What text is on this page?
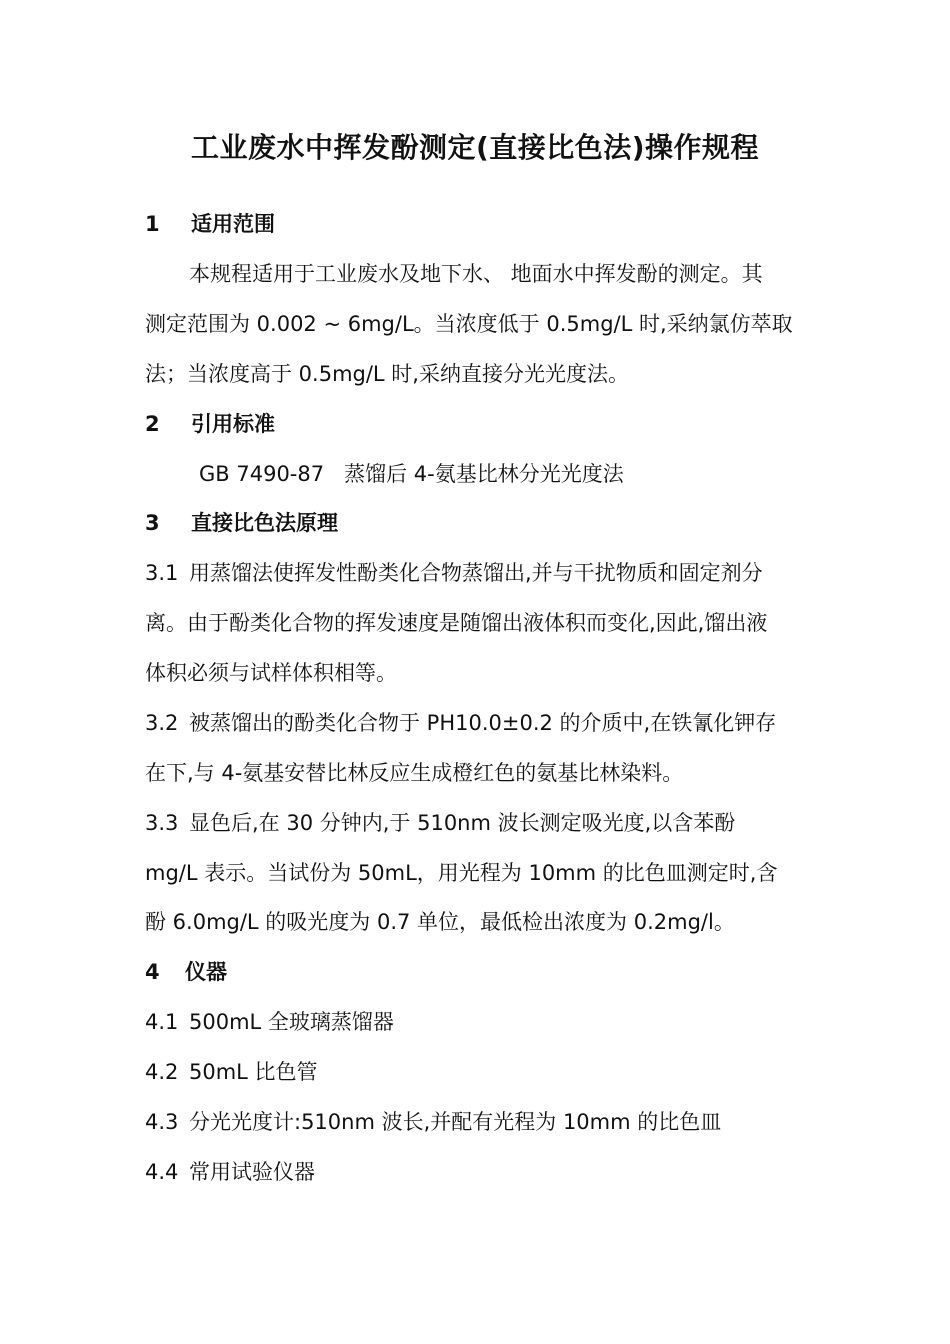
工业废水中挥发酚测定(直接比色法)操作规程
1 适用范围
本规程适用于工业废水及地下水、 地面水中挥发酚的测定。其
测定范围为 0.002 ~ 6mg/L。当浓度低于 0.5mg/L 时,采纳氯仿萃取
法；当浓度高于 0.5mg/L 时,采纳直接分光光度法。
2 引用标准
GB 7490-87   蒸馏后 4-氨基比林分光光度法
3 直接比色法原理
3.1 用蒸馏法使挥发性酚类化合物蒸馏出,并与干扰物质和固定剂分
离。由于酚类化合物的挥发速度是随馏出液体积而变化,因此,馏出液
体积必须与试样体积相等。
3.2 被蒸馏出的酚类化合物于 PH10.0±0.2 的介质中,在铁氰化钾存
在下,与 4-氨基安替比林反应生成橙红色的氨基比林染料。
3.3 显色后,在 30 分钟内,于 510nm 波长测定吸光度,以含苯酚
mg/L 表示。当试份为 50mL，用光程为 10mm 的比色皿测定时,含
酚 6.0mg/L 的吸光度为 0.7 单位，最低检出浓度为 0.2mg/l。
4 仪器
4.1 500mL 全玻璃蒸馏器
4.2 50mL 比色管
4.3 分光光度计:510nm 波长,并配有光程为 10mm 的比色皿
4.4 常用试验仪器
